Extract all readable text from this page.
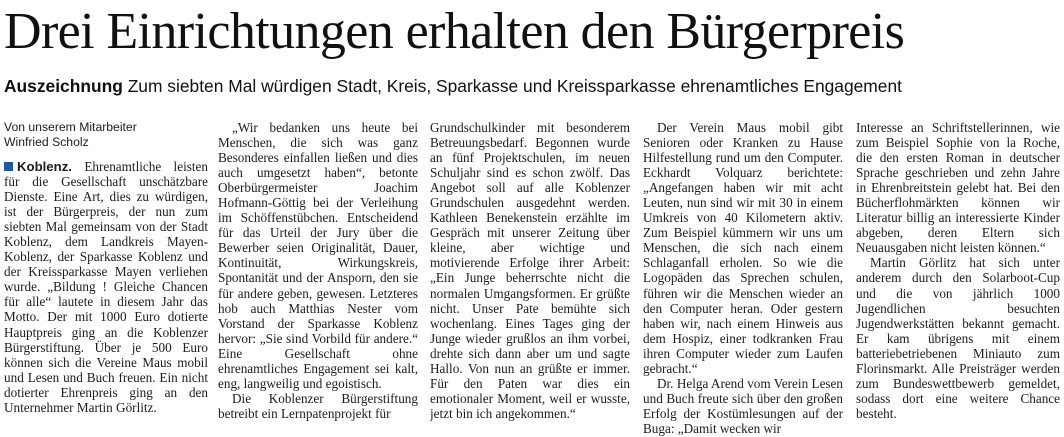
Drei Einrichtungen erhalten den Bürgerpreis

Auszeichnung Zum siebten Mal würdigen Stadt, Kreis, Sparkasse und Kreissparkasse ehrenamtliches Engagement

Von unserem Mitarbeiter
Winfried Scholz

Koblenz. Ehrenamtliche leisten für die Gesellschaft unschätzbare Dienste. Eine Art, dies zu würdigen, ist der Bürgerpreis, der nun zum siebten Mal gemeinsam von der Stadt Koblenz, dem Landkreis Mayen-Koblenz, der Sparkasse Koblenz und der Kreissparkasse Mayen verliehen wurde. „Bildung ! Gleiche Chancen für alle“ lautete in diesem Jahr das Motto. Der mit 1000 Euro dotierte Hauptpreis ging an die Koblenzer Bürgerstiftung. Über je 500 Euro können sich die Vereine Maus mobil und Lesen und Buch freuen. Ein nicht dotierter Ehrenpreis ging an den Unternehmer Martin Görlitz.

„Wir bedanken uns heute bei Menschen, die sich was ganz Besonderes einfallen ließen und dies auch umgesetzt haben“, betonte Oberbürgermeister Joachim Hofmann-Göttig bei der Verleihung im Schöffenstübchen. Entscheidend für das Urteil der Jury über die Bewerber seien Originalität, Dauer, Kontinuität, Wirkungskreis, Spontanität und der Ansporn, den sie für andere geben, gewesen. Letzteres hob auch Matthias Nester vom Vorstand der Sparkasse Koblenz hervor: „Sie sind Vorbild für andere.“ Eine Gesellschaft ohne ehrenamtliches Engagement sei kalt, eng, langweilig und egoistisch.

Die Koblenzer Bürgerstiftung betreibt ein Lernpatenprojekt für

Grundschulkinder mit besonderem Betreuungsbedarf. Begonnen wurde an fünf Projektschulen, im neuen Schuljahr sind es schon zwölf. Das Angebot soll auf alle Koblenzer Grundschulen ausgedehnt werden. Kathleen Benekenstein erzählte im Gespräch mit unserer Zeitung über kleine, aber wichtige und motivierende Erfolge ihrer Arbeit: „Ein Junge beherrschte nicht die normalen Umgangsformen. Er grüßte nicht. Unser Pate bemühte sich wochenlang. Eines Tages ging der Junge wieder grußlos an ihm vorbei, drehte sich dann aber um und sagte Hallo. Von nun an grüßte er immer. Für den Paten war dies ein emotionaler Moment, weil er wusste, jetzt bin ich angekommen.“

Der Verein Maus mobil gibt Senioren oder Kranken zu Hause Hilfestellung rund um den Computer. Eckhardt Volquarz berichtete: „Angefangen haben wir mit acht Leuten, nun sind wir mit 30 in einem Umkreis von 40 Kilometern aktiv. Zum Beispiel kümmern wir uns um Menschen, die sich nach einem Schlaganfall erholen. So wie die Logopäden das Sprechen schulen, führen wir die Menschen wieder an den Computer heran. Oder gestern haben wir, nach einem Hinweis aus dem Hospiz, einer todkranken Frau ihren Computer wieder zum Laufen gebracht.“

Dr. Helga Arend vom Verein Lesen und Buch freute sich über den großen Erfolg der Kostümlesungen auf der Buga: „Damit wecken wir

Interesse an Schriftstellerinnen, wie zum Beispiel Sophie von la Roche, die den ersten Roman in deutscher Sprache geschrieben und zehn Jahre in Ehrenbreitstein gelebt hat. Bei den Bücherflohmärkten können wir Literatur billig an interessierte Kinder abgeben, deren Eltern sich Neuausgaben nicht leisten können.“

Martin Görlitz hat sich unter anderem durch den Solarboot-Cup und die von jährlich 1000 Jugendlichen besuchten Jugendwerkstätten bekannt gemacht. Er kam übrigens mit einem batteriebetriebenen Miniauto zum Florinsmarkt. Alle Preisträger werden zum Bundeswettbewerb gemeldet, sodass dort eine weitere Chance besteht.
